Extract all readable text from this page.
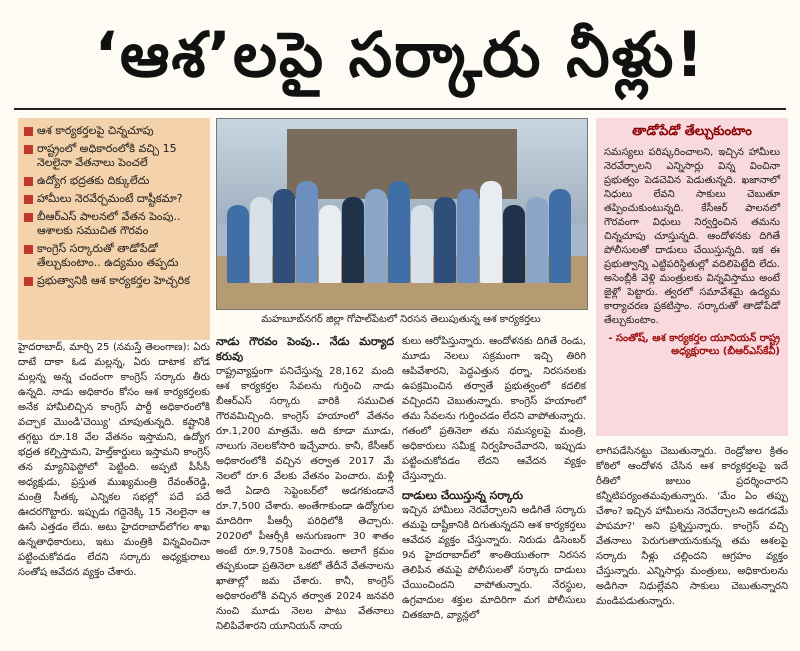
‘ఆశ’లపై సర్కారు నీళ్లు!
ఆశ కార్యకర్తలపై చిన్నచూపు
రాష్ట్రంలో అధికారంలోకి వచ్చి 15 నెలలైనా వేతనాలు పెంచలే
ఉద్యోగ భద్రతకు దిక్కులేదు
హామీలు నెరవేర్చమంటే దాష్టీకమా?
బీఆర్‌ఎస్‌ పాలనలో వేతన పెంపు.. ఆశాలకు సముచిత గౌరవం
కాంగ్రెస్‌ సర్కారుతో తాడోపేడో తేల్చుకుంటాం.. ఉద్యమం తప్పదు
ప్రభుత్వానికి ఆశ కార్యకర్తల హెచ్చరిక
మహబూబ్‌నగర్‌ జిల్లా గోపాల్‌పేటలో నిరసన తెలుపుతున్న ఆశ కార్యకర్తలు
తాడోపేడో తేల్చుకుంటాం
సమస్యలు పరిష్కరించాలని, ఇచ్చిన హామీలు నెరవేర్చాలని ఎన్నిసార్లు విన్న వించినా ప్రభుత్వం పెడచెవిన పెడుతున్నది. ఖజానాలో నిధులు లేవని సాకులు చెబుతూ తప్పించుకుంటున్నది. కేసీఆర్‌ పాలనలో గౌరవంగా విధులు నిర్వర్తించిన తమను చిన్నచూపు చూస్తున్నది. ఆందోళనకు దిగితే పోలీసులతో దాడులు చేయిస్తున్నది. ఇక ఈ ప్రభుత్వాన్ని ఎట్టిపరిస్థితుల్లో వదిలిపెట్టేది లేదు. అసెంబ్లీకి వెళ్లి మంత్రులకు విన్నవిస్తాము అంటే జైళ్లో పెట్టారు. త్వరలో సమావేశమై ఉద్యమ కార్యాచరణ ప్రకటిస్తాం. సర్కారుతో తాడోపేడో తేల్చుకుంటాం.
- సంతోష్‌, ఆశ కార్యకర్తల యూనియన్‌ రాష్ట్ర అధ్యక్షురాలు (బీఆర్‌ఎస్‌కేవీ)

హైదరాబాద్‌, మార్చి 25 (నమస్తే తెలంగాణ): ఏరు దాటే దాకా ఓడ మల్లన్న, ఏరు దాటాక బోడ మల్లన్న అన్న చందంగా కాంగ్రెస్‌ సర్కారు తీరు ఉన్నది. నాడు అధికారం కోసం ఆశ కార్యకర్తలకు అనేక హామీలిచ్చిన కాంగ్రెస్‌ పార్టీ అధికారంలోకి వచ్చాక మొండి'చెయ్యి' చూపుతున్నది. కష్టానికి తగ్గట్టు రూ.18 వేల వేతనం ఇస్తామని, ఉద్యోగ భద్రత కల్పిస్తామని, హెల్త్‌కార్డులు ఇస్తామని కాంగ్రెస్‌ తన మ్యానిఫెస్టోలో పెట్టింది. అప్పటి పీసీసీ అధ్యక్షుడు, ప్రస్తుత ముఖ్యమంత్రి రేవంత్‌రెడ్డి, మంత్రి సీతక్క ఎన్నికల సభల్లో పదే పదే ఊదరగొట్టారు. ఇప్పుడు గద్దెనెక్కి 15 నెలలైనా ఆ ఊసే ఎత్తడం లేదు. అటు హైదరాబాద్‌లోగల శాఖ ఉన్నతాధికారులు, ఇటు మంత్రికి విన్నవించినా పట్టించుకోవడం లేదని సర్కారు అధ్యక్షురాలు సంతోష ఆవేదన వ్యక్తం చేశారు.

నాడు గౌరవం పెంపు.. నేడు మర్యాద కరువు

రాష్ట్రవ్యాప్తంగా పనిచేస్తున్న 28,162 మంది ఆశ కార్యకర్తల సేవలను గుర్తించి నాడు బీఆర్‌ఎస్‌ సర్కారు వారికి సముచిత గౌరవమిచ్చింది. కాంగ్రెస్‌ హయాంలో వేతనం రూ.1,200 మాత్రమే. అది కూడా మూడు, నాలుగు నెలలకోసారి ఇచ్చేవారు. కానీ, కేసీఆర్‌ అధికారంలోకి వచ్చిన తర్వాత 2017 మే నెలలో రూ.6 వేలకు వేతనం పెంచారు. మళ్లీ అదే ఏడాది సెప్టెంబర్‌లో అడగకుండానే రూ.7,500 చేశారు. అంతేగాకుండా ఉద్యోగుల మాదిరిగా పీఆర్సీ పరిధిలోకి తెచ్చారు. 2020లో పీఆర్సీకి అనుగుణంగా 30 శాతం అంటే రూ.9,750కి పెంచారు. అలాగే క్రమం తప్పకుండా ప్రతినెలా ఒకటో తేదీనే వేతనాలను ఖాతాల్లో జమ చేశారు. కానీ, కాంగ్రెస్‌ అధికారంలోకి వచ్చిన తర్వాత 2024 జనవరి నుంచి మూడు నెలల పాటు వేతనాలు నిలిపివేశారని యూనియన్‌ నాయ

కులు ఆరోపిస్తున్నారు. ఆందోళనకు దిగితే రెండు, మూడు నెలలు సక్రమంగా ఇచ్చి తిరిగి ఆపివేశారని, పెద్దఎత్తున ధర్నా, నిరసనలకు ఉపక్రమించిన తర్వాతే ప్రభుత్వంలో కదలిక వచ్చిందని చెబుతున్నారు. కాంగ్రెస్‌ హయాంలో తమ సేవలను గుర్తించడం లేదని వాపోతున్నారు. గతంలో ప్రతినెలా తమ సమస్యలపై మంత్రి, అధికారులు సమీక్ష నిర్వహించేవారని, ఇప్పుడు పట్టించుకోవడం లేదని ఆవేదన వ్యక్తం చేస్తున్నారు.

దాడులు చేయిస్తున్న సర్కారు

ఇచ్చిన హామీలు నెరవేర్చాలని అడిగితే సర్కారు తమపై దాష్టీకానికి దిగుతున్నదని ఆశ కార్యకర్తలు ఆవేదన వ్యక్తం చేస్తున్నారు. నిరుడు డిసెంబర్‌ 9న హైదరాబాద్‌లో శాంతియుతంగా నిరసన తెలిపిన తమపై పోలీసులతో సర్కారు దాడులు చేయించిందని వాపోతున్నారు. నేరస్థుల, ఉగ్రవాదుల శక్తుల మాదిరిగా మగ పోలీసులు చితకబాది, వ్యాన్లలో

లాగిపడేసినట్టు చెబుతున్నారు. రెండ్రోజుల క్రితం కోఠిలో ఆందోళన చేసిన ఆశ కార్యకర్తలపై ఇదే రీతిలో జులుం ప్రదర్శించారని కన్నీటిపర్యంతమవుతున్నారు. 'మేం ఏం తప్పు చేశాం? ఇచ్చిన హామీలను నెరవేర్చాలని అడగడమే పాపమా?' అని ప్రశ్నిస్తున్నారు. కాంగ్రెస్‌ వచ్చి వేతనాలు పెరుగుతాయనుకున్న తమ ఆశలపై సర్కారు నీళ్లు చల్లిందని ఆగ్రహం వ్యక్తం చేస్తున్నారు. ఎన్నిసార్లు మంత్రులు, అధికారులను అడిగినా నిధుల్లేవని సాకులు చెబుతున్నారని మండిపడుతున్నారు.
